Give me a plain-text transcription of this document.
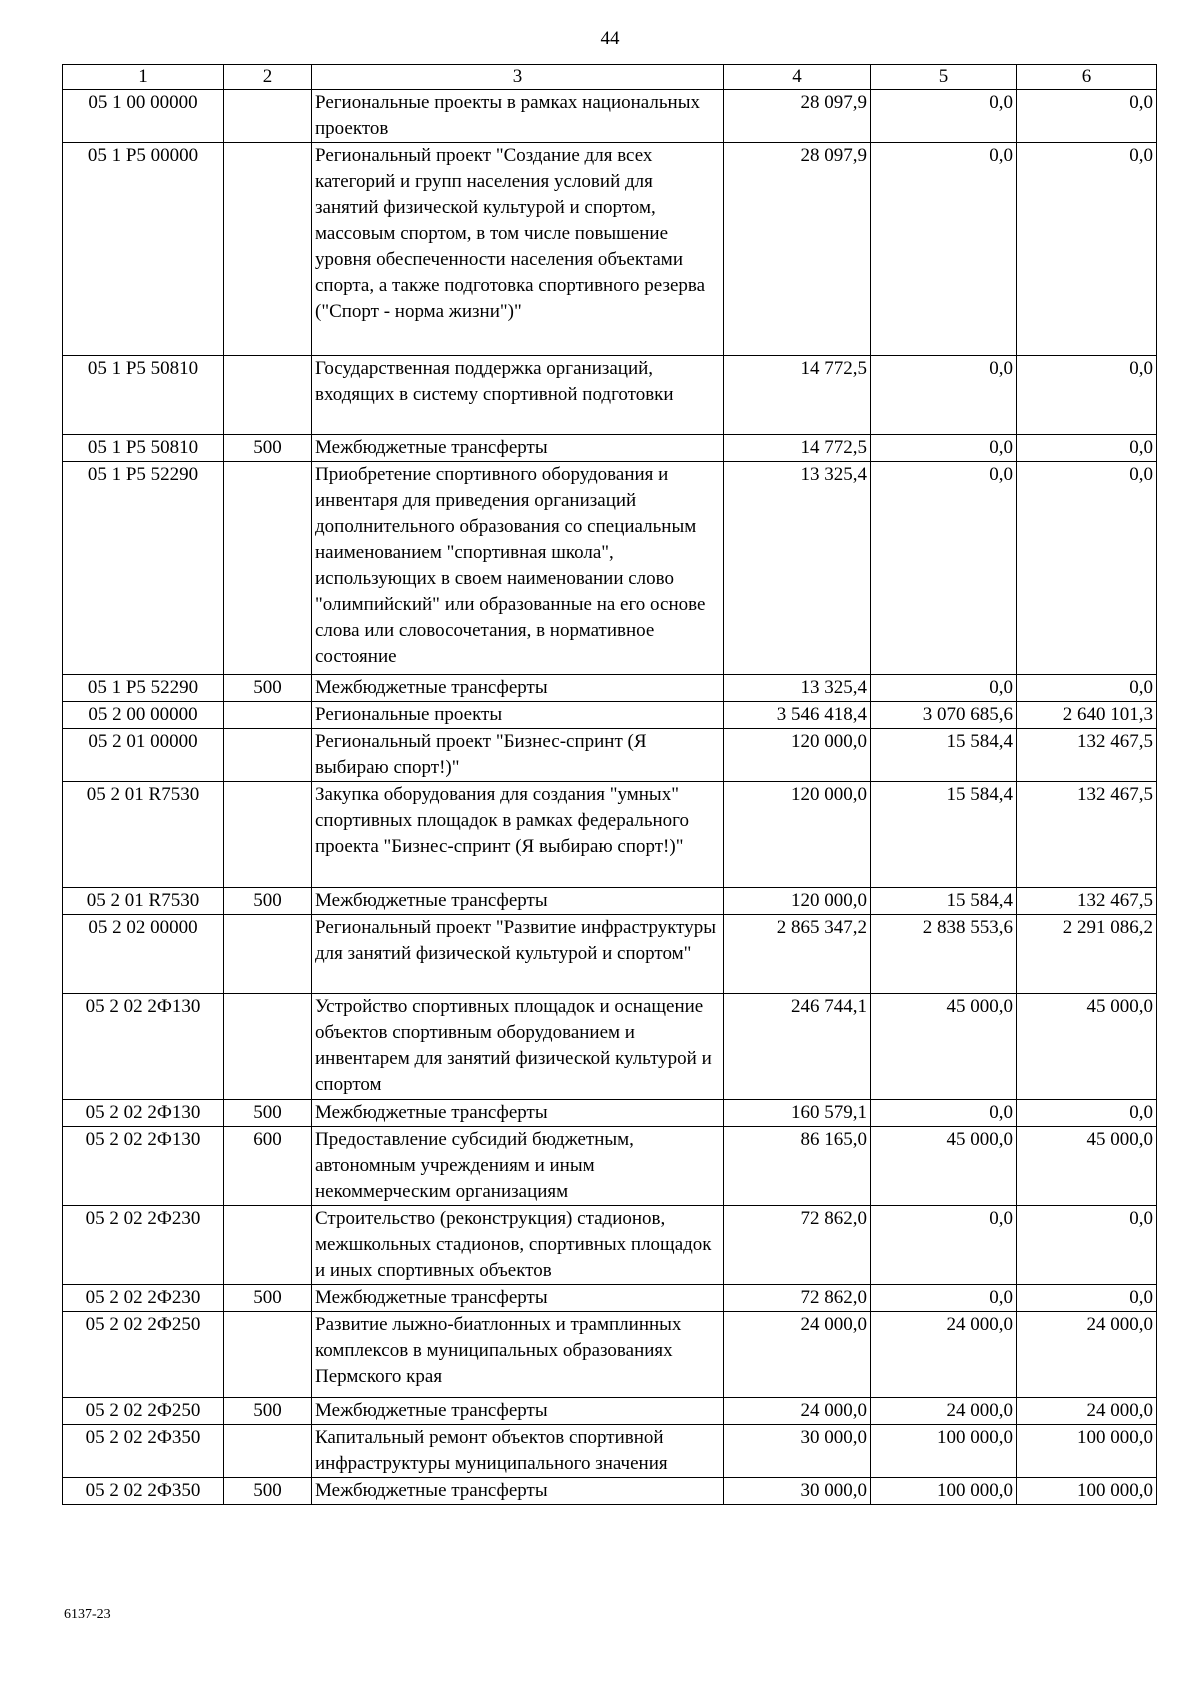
44
1	2	3	4	5	6
05 1 00 00000		Региональные проекты в рамках национальных проектов	28 097,9	0,0	0,0
05 1 P5 00000		Региональный проект "Создание для всех категорий и групп населения условий для занятий физической культурой и спортом, массовым спортом, в том числе повышение уровня обеспеченности населения объектами спорта, а также подготовка спортивного резерва ("Спорт - норма жизни")"	28 097,9	0,0	0,0
05 1 P5 50810		Государственная поддержка организаций, входящих в систему спортивной подготовки	14 772,5	0,0	0,0
05 1 P5 50810	500	Межбюджетные трансферты	14 772,5	0,0	0,0
05 1 P5 52290		Приобретение спортивного оборудования и инвентаря для приведения организаций дополнительного образования со специальным наименованием "спортивная школа", использующих в своем наименовании слово "олимпийский" или образованные на его основе слова или словосочетания, в нормативное состояние	13 325,4	0,0	0,0
05 1 P5 52290	500	Межбюджетные трансферты	13 325,4	0,0	0,0
05 2 00 00000		Региональные проекты	3 546 418,4	3 070 685,6	2 640 101,3
05 2 01 00000		Региональный проект "Бизнес-спринт (Я выбираю спорт!)"	120 000,0	15 584,4	132 467,5
05 2 01 R7530		Закупка оборудования для создания "умных" спортивных площадок в рамках федерального проекта "Бизнес-спринт (Я выбираю спорт!)"	120 000,0	15 584,4	132 467,5
05 2 01 R7530	500	Межбюджетные трансферты	120 000,0	15 584,4	132 467,5
05 2 02 00000		Региональный проект "Развитие инфраструктуры для занятий физической культурой и спортом"	2 865 347,2	2 838 553,6	2 291 086,2
05 2 02 2Ф130		Устройство спортивных площадок и оснащение объектов спортивным оборудованием и инвентарем для занятий физической культурой и спортом	246 744,1	45 000,0	45 000,0
05 2 02 2Ф130	500	Межбюджетные трансферты	160 579,1	0,0	0,0
05 2 02 2Ф130	600	Предоставление субсидий бюджетным, автономным учреждениям и иным некоммерческим организациям	86 165,0	45 000,0	45 000,0
05 2 02 2Ф230		Строительство (реконструкция) стадионов, межшкольных стадионов, спортивных площадок и иных спортивных объектов	72 862,0	0,0	0,0
05 2 02 2Ф230	500	Межбюджетные трансферты	72 862,0	0,0	0,0
05 2 02 2Ф250		Развитие лыжно-биатлонных и трамплинных комплексов в муниципальных образованиях Пермского края	24 000,0	24 000,0	24 000,0
05 2 02 2Ф250	500	Межбюджетные трансферты	24 000,0	24 000,0	24 000,0
05 2 02 2Ф350		Капитальный ремонт объектов спортивной инфраструктуры муниципального значения	30 000,0	100 000,0	100 000,0
05 2 02 2Ф350	500	Межбюджетные трансферты	30 000,0	100 000,0	100 000,0
6137-23
